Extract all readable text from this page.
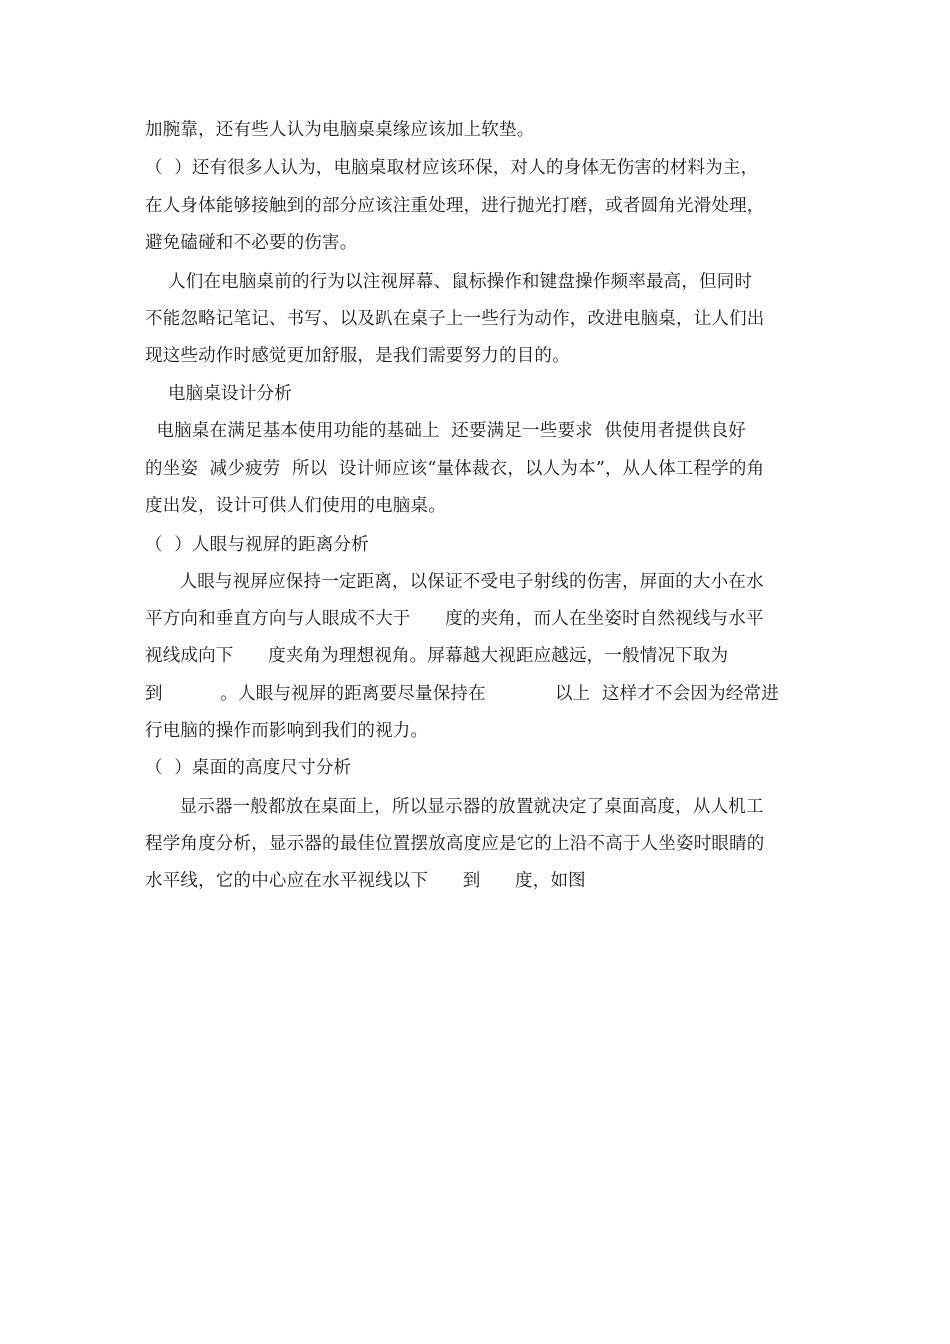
加腕靠，还有些人认为电脑桌桌缘应该加上软垫。
（  ）还有很多人认为，电脑桌取材应该环保，对人的身体无伤害的材料为主，
在人身体能够接触到的部分应该注重处理，进行抛光打磨，或者圆角光滑处理，
避免磕碰和不必要的伤害。
人们在电脑桌前的行为以注视屏幕、鼠标操作和键盘操作频率最高，但同时
不能忽略记笔记、书写、以及趴在桌子上一些行为动作，改进电脑桌，让人们出
现这些动作时感觉更加舒服，是我们需要努力的目的。
电脑桌设计分析
电脑桌在满足基本使用功能的基础上  还要满足一些要求  供使用者提供良好
的坐姿  减少疲劳  所以  设计师应该“量体裁衣，以人为本”，从人体工程学的角
度出发，设计可供人们使用的电脑桌。
（  ）人眼与视屏的距离分析
人眼与视屏应保持一定距离，以保证不受电子射线的伤害，屏面的大小在水
平方向和垂直方向与人眼成不大于      度的夹角，而人在坐姿时自然视线与水平
视线成向下      度夹角为理想视角。屏幕越大视距应越远，一般情况下取为
到          。人眼与视屏的距离要尽量保持在            以上  这样才不会因为经常进
行电脑的操作而影响到我们的视力。
（  ）桌面的高度尺寸分析
显示器一般都放在桌面上，所以显示器的放置就决定了桌面高度，从人机工
程学角度分析，显示器的最佳位置摆放高度应是它的上沿不高于人坐姿时眼睛的
水平线，它的中心应在水平视线以下      到      度，如图
